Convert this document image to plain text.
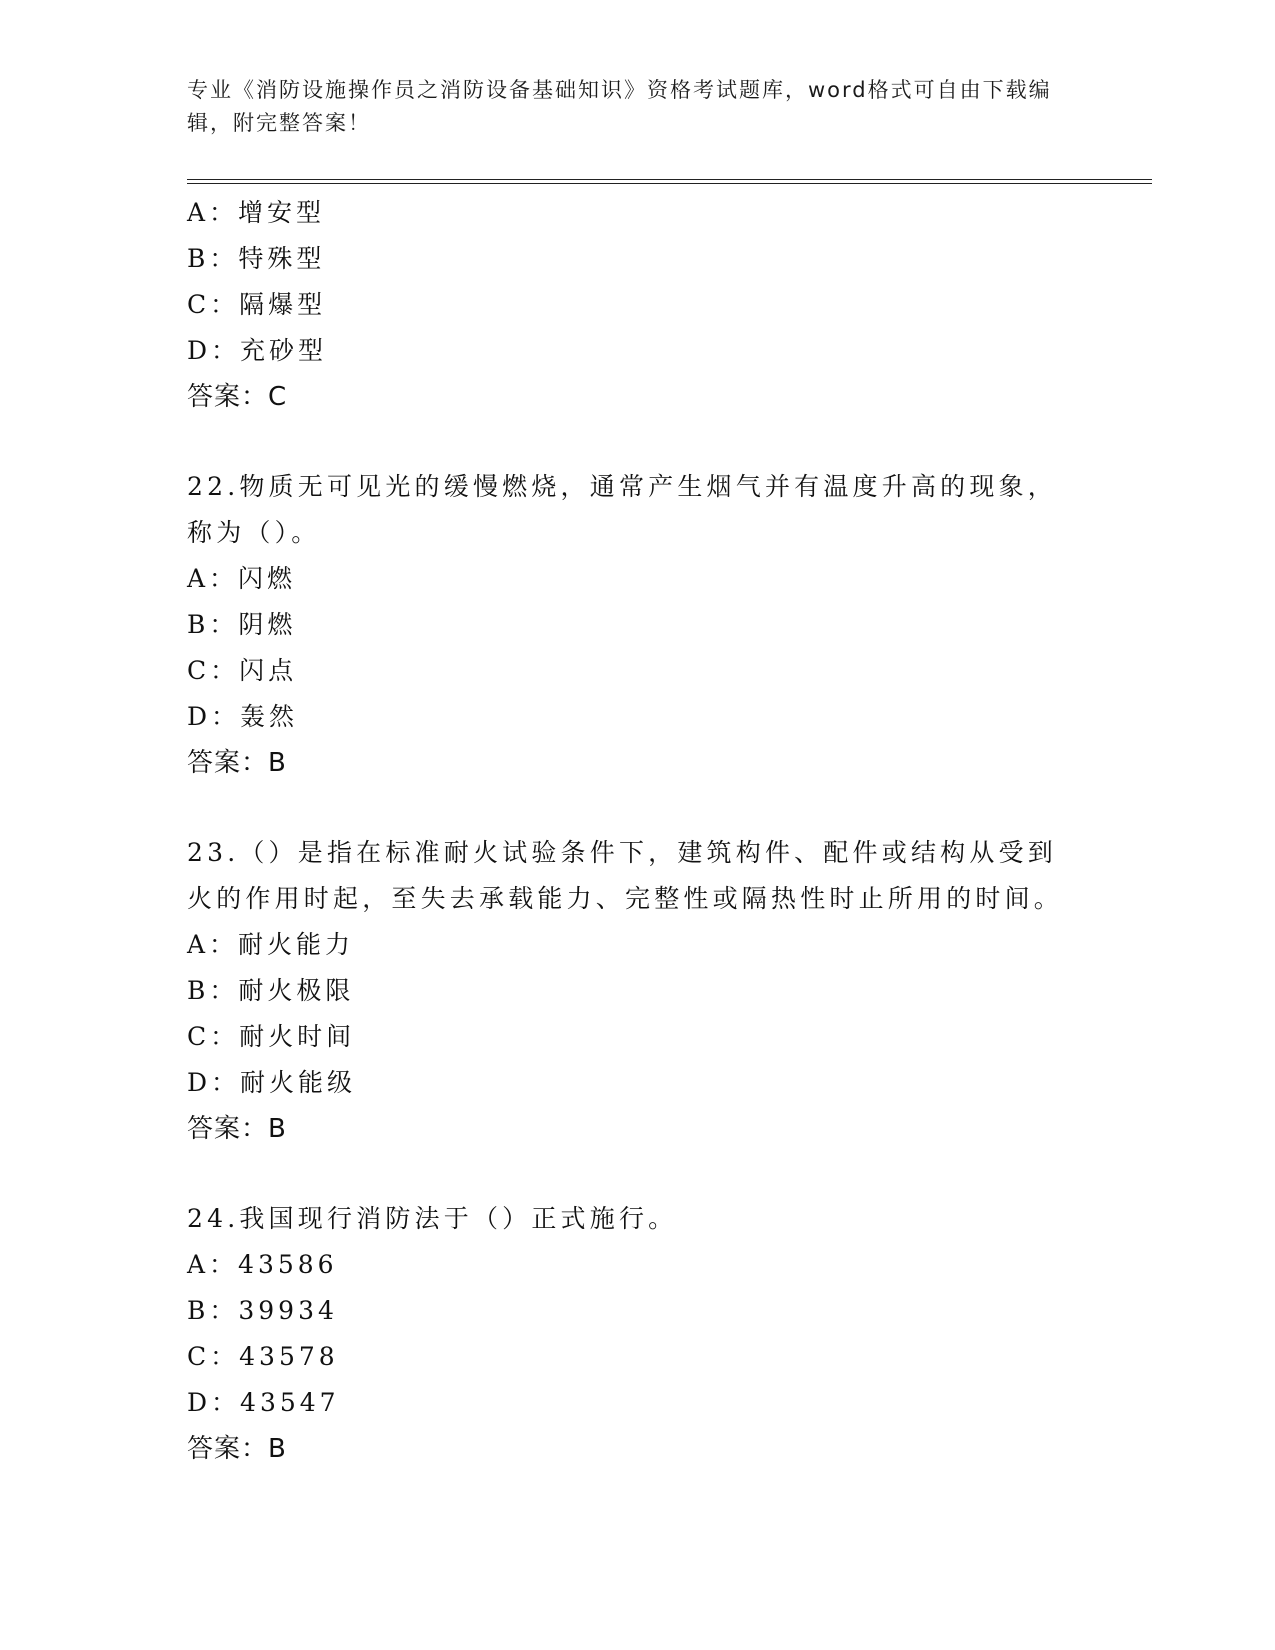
专业《消防设施操作员之消防设备基础知识》资格考试题库，word格式可自由下载编辑，附完整答案！
A：增安型
B：特殊型
C：隔爆型
D：充砂型
答案：C
22.物质无可见光的缓慢燃烧，通常产生烟气并有温度升高的现象，称为（）。
A：闪燃
B：阴燃
C：闪点
D：轰然
答案：B
23.（）是指在标准耐火试验条件下，建筑构件、配件或结构从受到火的作用时起，至失去承载能力、完整性或隔热性时止所用的时间。
A：耐火能力
B：耐火极限
C：耐火时间
D：耐火能级
答案：B
24.我国现行消防法于（）正式施行。
A：43586
B：39934
C：43578
D：43547
答案：B
